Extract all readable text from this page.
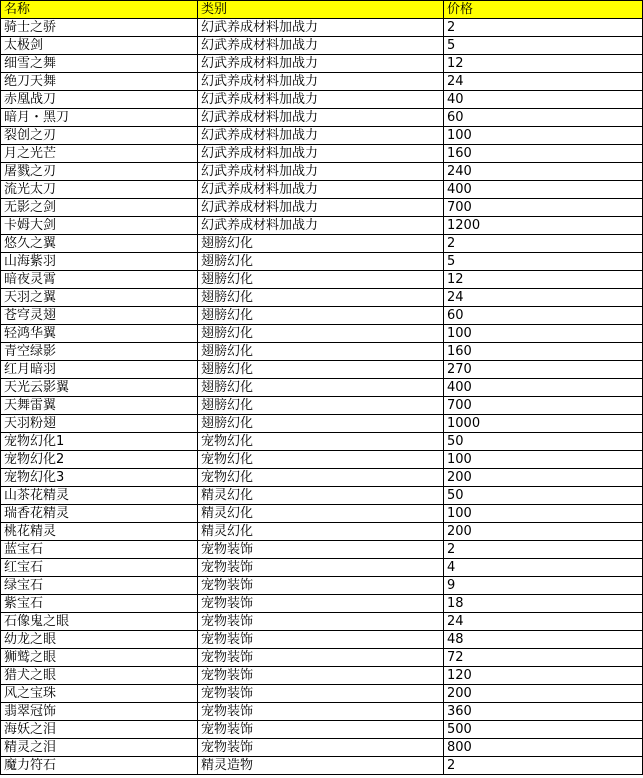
名称	类别	价格
骑士之骄	幻武养成材料加战力	2
太极剑	幻武养成材料加战力	5
细雪之舞	幻武养成材料加战力	12
绝刀天舞	幻武养成材料加战力	24
赤凰战刀	幻武养成材料加战力	40
暗月・黑刀	幻武养成材料加战力	60
裂创之刃	幻武养成材料加战力	100
月之光芒	幻武养成材料加战力	160
屠戮之刃	幻武养成材料加战力	240
流光太刀	幻武养成材料加战力	400
无影之剑	幻武养成材料加战力	700
卡姆大剑	幻武养成材料加战力	1200
悠久之翼	翅膀幻化	2
山海紫羽	翅膀幻化	5
暗夜灵霄	翅膀幻化	12
天羽之翼	翅膀幻化	24
苍穹灵翅	翅膀幻化	60
轻鸿华翼	翅膀幻化	100
青空绿影	翅膀幻化	160
红月暗羽	翅膀幻化	270
天光云影翼	翅膀幻化	400
天舞雷翼	翅膀幻化	700
天羽粉翅	翅膀幻化	1000
宠物幻化1	宠物幻化	50
宠物幻化2	宠物幻化	100
宠物幻化3	宠物幻化	200
山茶花精灵	精灵幻化	50
瑞香花精灵	精灵幻化	100
桃花精灵	精灵幻化	200
蓝宝石	宠物装饰	2
红宝石	宠物装饰	4
绿宝石	宠物装饰	9
紫宝石	宠物装饰	18
石像鬼之眼	宠物装饰	24
幼龙之眼	宠物装饰	48
狮鹫之眼	宠物装饰	72
猎犬之眼	宠物装饰	120
风之宝珠	宠物装饰	200
翡翠冠饰	宠物装饰	360
海妖之泪	宠物装饰	500
精灵之泪	宠物装饰	800
魔力符石	精灵造物	2
